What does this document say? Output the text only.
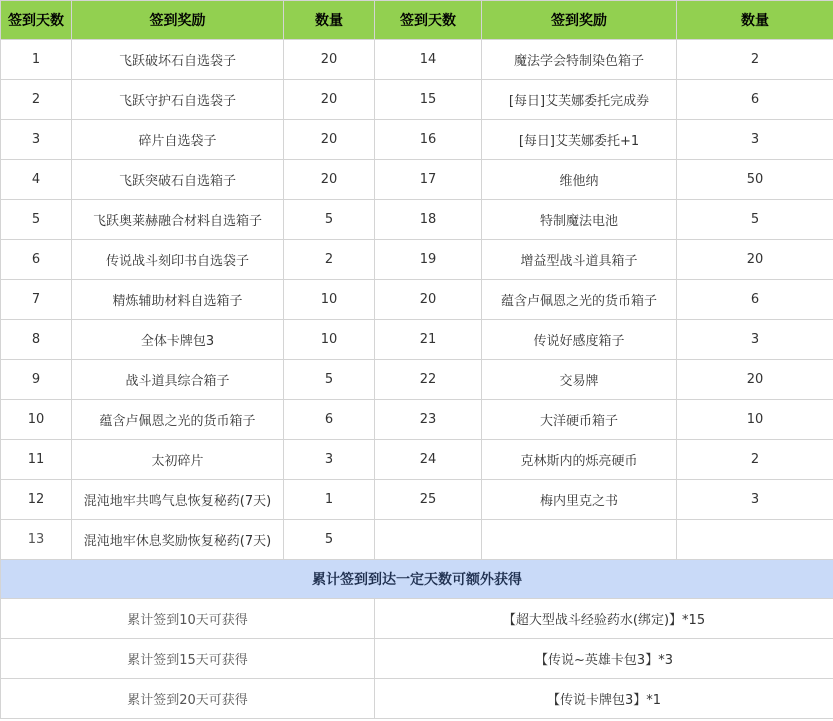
签到天数	签到奖励	数量	签到天数	签到奖励	数量
1	飞跃破坏石自选袋子	20	14	魔法学会特制染色箱子	2
2	飞跃守护石自选袋子	20	15	[每日]艾芙娜委托完成券	6
3	碎片自选袋子	20	16	[每日]艾芙娜委托+1	3
4	飞跃突破石自选箱子	20	17	维他纳	50
5	飞跃奥莱赫融合材料自选箱子	5	18	特制魔法电池	5
6	传说战斗刻印书自选袋子	2	19	增益型战斗道具箱子	20
7	精炼辅助材料自选箱子	10	20	蕴含卢佩恩之光的货币箱子	6
8	全体卡牌包3	10	21	传说好感度箱子	3
9	战斗道具综合箱子	5	22	交易牌	20
10	蕴含卢佩恩之光的货币箱子	6	23	大洋硬币箱子	10
11	太初碎片	3	24	克林斯内的烁亮硬币	2
12	混沌地牢共鸣气息恢复秘药(7天)	1	25	梅内里克之书	3
13	混沌地牢休息奖励恢复秘药(7天)	5			
累计签到到达一定天数可额外获得					
累计签到10天可获得			【超大型战斗经验药水(绑定)】*15		
累计签到15天可获得			【传说~英雄卡包3】*3		
累计签到20天可获得			【传说卡牌包3】*1		
